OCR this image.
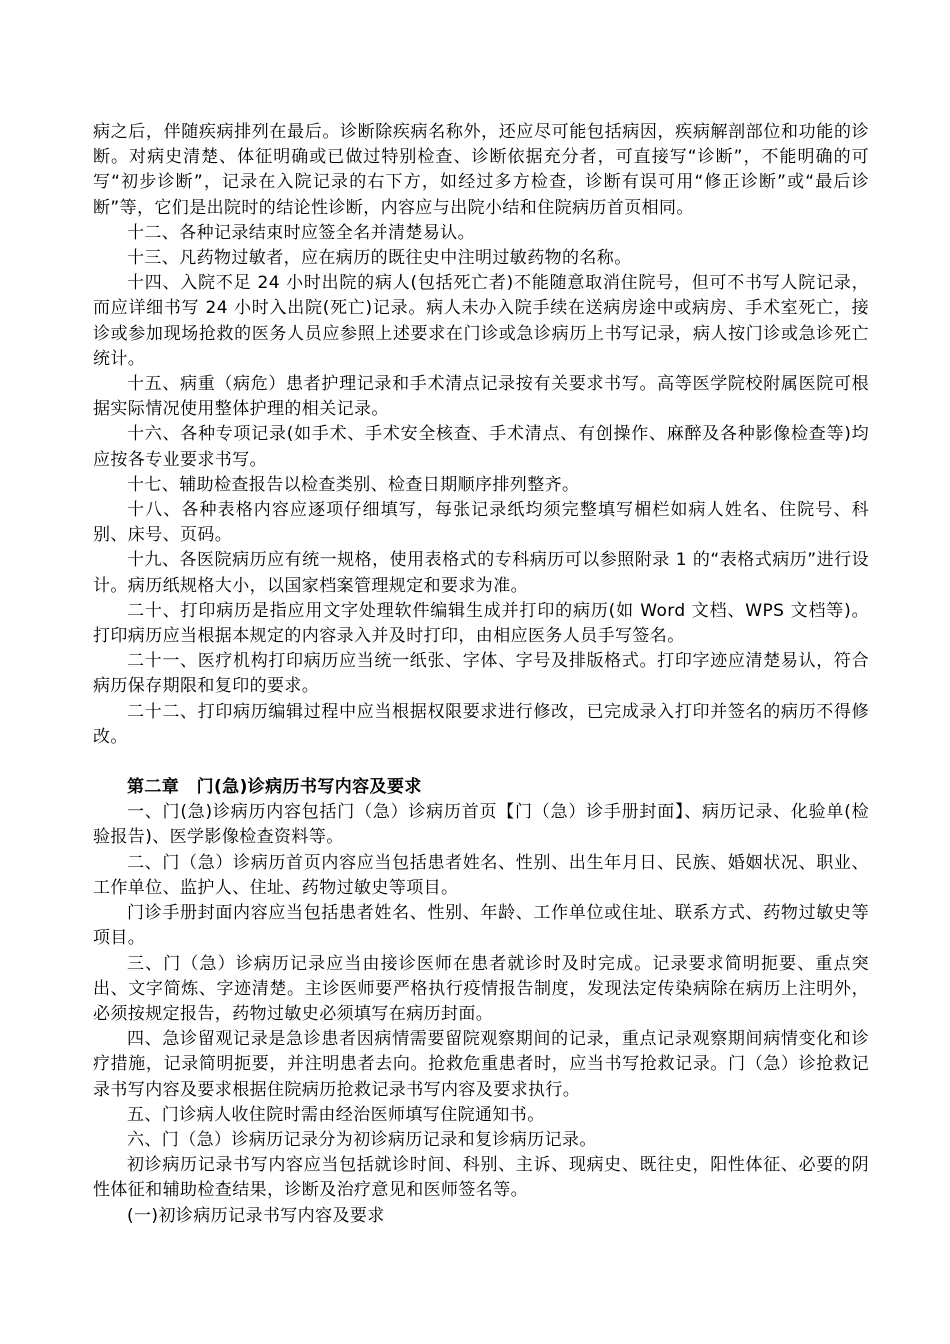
病之后，伴随疾病排列在最后。诊断除疾病名称外，还应尽可能包括病因，疾病解剖部位和功能的诊断。对病史清楚、体征明确或已做过特别检查、诊断依据充分者，可直接写“诊断”，不能明确的可写“初步诊断”，记录在入院记录的右下方，如经过多方检查，诊断有误可用“修正诊断”或“最后诊断”等，它们是出院时的结论性诊断，内容应与出院小结和住院病历首页相同。

十二、各种记录结束时应签全名并清楚易认。

十三、凡药物过敏者，应在病历的既往史中注明过敏药物的名称。

十四、入院不足 24 小时出院的病人(包括死亡者)不能随意取消住院号，但可不书写人院记录，而应详细书写 24 小时入出院(死亡)记录。病人未办入院手续在送病房途中或病房、手术室死亡，接诊或参加现场抢救的医务人员应参照上述要求在门诊或急诊病历上书写记录，病人按门诊或急诊死亡统计。

十五、病重（病危）患者护理记录和手术清点记录按有关要求书写。高等医学院校附属医院可根据实际情况使用整体护理的相关记录。

十六、各种专项记录(如手术、手术安全核查、手术清点、有创操作、麻醉及各种影像检查等)均应按各专业要求书写。

十七、辅助检查报告以检查类别、检查日期顺序排列整齐。

十八、各种表格内容应逐项仔细填写，每张记录纸均须完整填写楣栏如病人姓名、住院号、科别、床号、页码。

十九、各医院病历应有统一规格，使用表格式的专科病历可以参照附录 1 的“表格式病历”进行设计。病历纸规格大小，以国家档案管理规定和要求为准。

二十、打印病历是指应用文字处理软件编辑生成并打印的病历(如 Word 文档、WPS 文档等)。打印病历应当根据本规定的内容录入并及时打印，由相应医务人员手写签名。

二十一、医疗机构打印病历应当统一纸张、字体、字号及排版格式。打印字迹应清楚易认，符合病历保存期限和复印的要求。

二十二、打印病历编辑过程中应当根据权限要求进行修改，已完成录入打印并签名的病历不得修改。

第二章　门(急)诊病历书写内容及要求

一、门(急)诊病历内容包括门（急）诊病历首页【门（急）诊手册封面】、病历记录、化验单(检验报告)、医学影像检查资料等。

二、门（急）诊病历首页内容应当包括患者姓名、性别、出生年月日、民族、婚姻状况、职业、工作单位、监护人、住址、药物过敏史等项目。

门诊手册封面内容应当包括患者姓名、性别、年龄、工作单位或住址、联系方式、药物过敏史等项目。

三、门（急）诊病历记录应当由接诊医师在患者就诊时及时完成。记录要求简明扼要、重点突出、文字简炼、字迹清楚。主诊医师要严格执行疫情报告制度，发现法定传染病除在病历上注明外，必须按规定报告，药物过敏史必须填写在病历封面。

四、急诊留观记录是急诊患者因病情需要留院观察期间的记录，重点记录观察期间病情变化和诊疗措施，记录简明扼要，并注明患者去向。抢救危重患者时，应当书写抢救记录。门（急）诊抢救记录书写内容及要求根据住院病历抢救记录书写内容及要求执行。

五、门诊病人收住院时需由经治医师填写住院通知书。

六、门（急）诊病历记录分为初诊病历记录和复诊病历记录。

初诊病历记录书写内容应当包括就诊时间、科别、主诉、现病史、既往史，阳性体征、必要的阴性体征和辅助检查结果，诊断及治疗意见和医师签名等。

(一)初诊病历记录书写内容及要求
